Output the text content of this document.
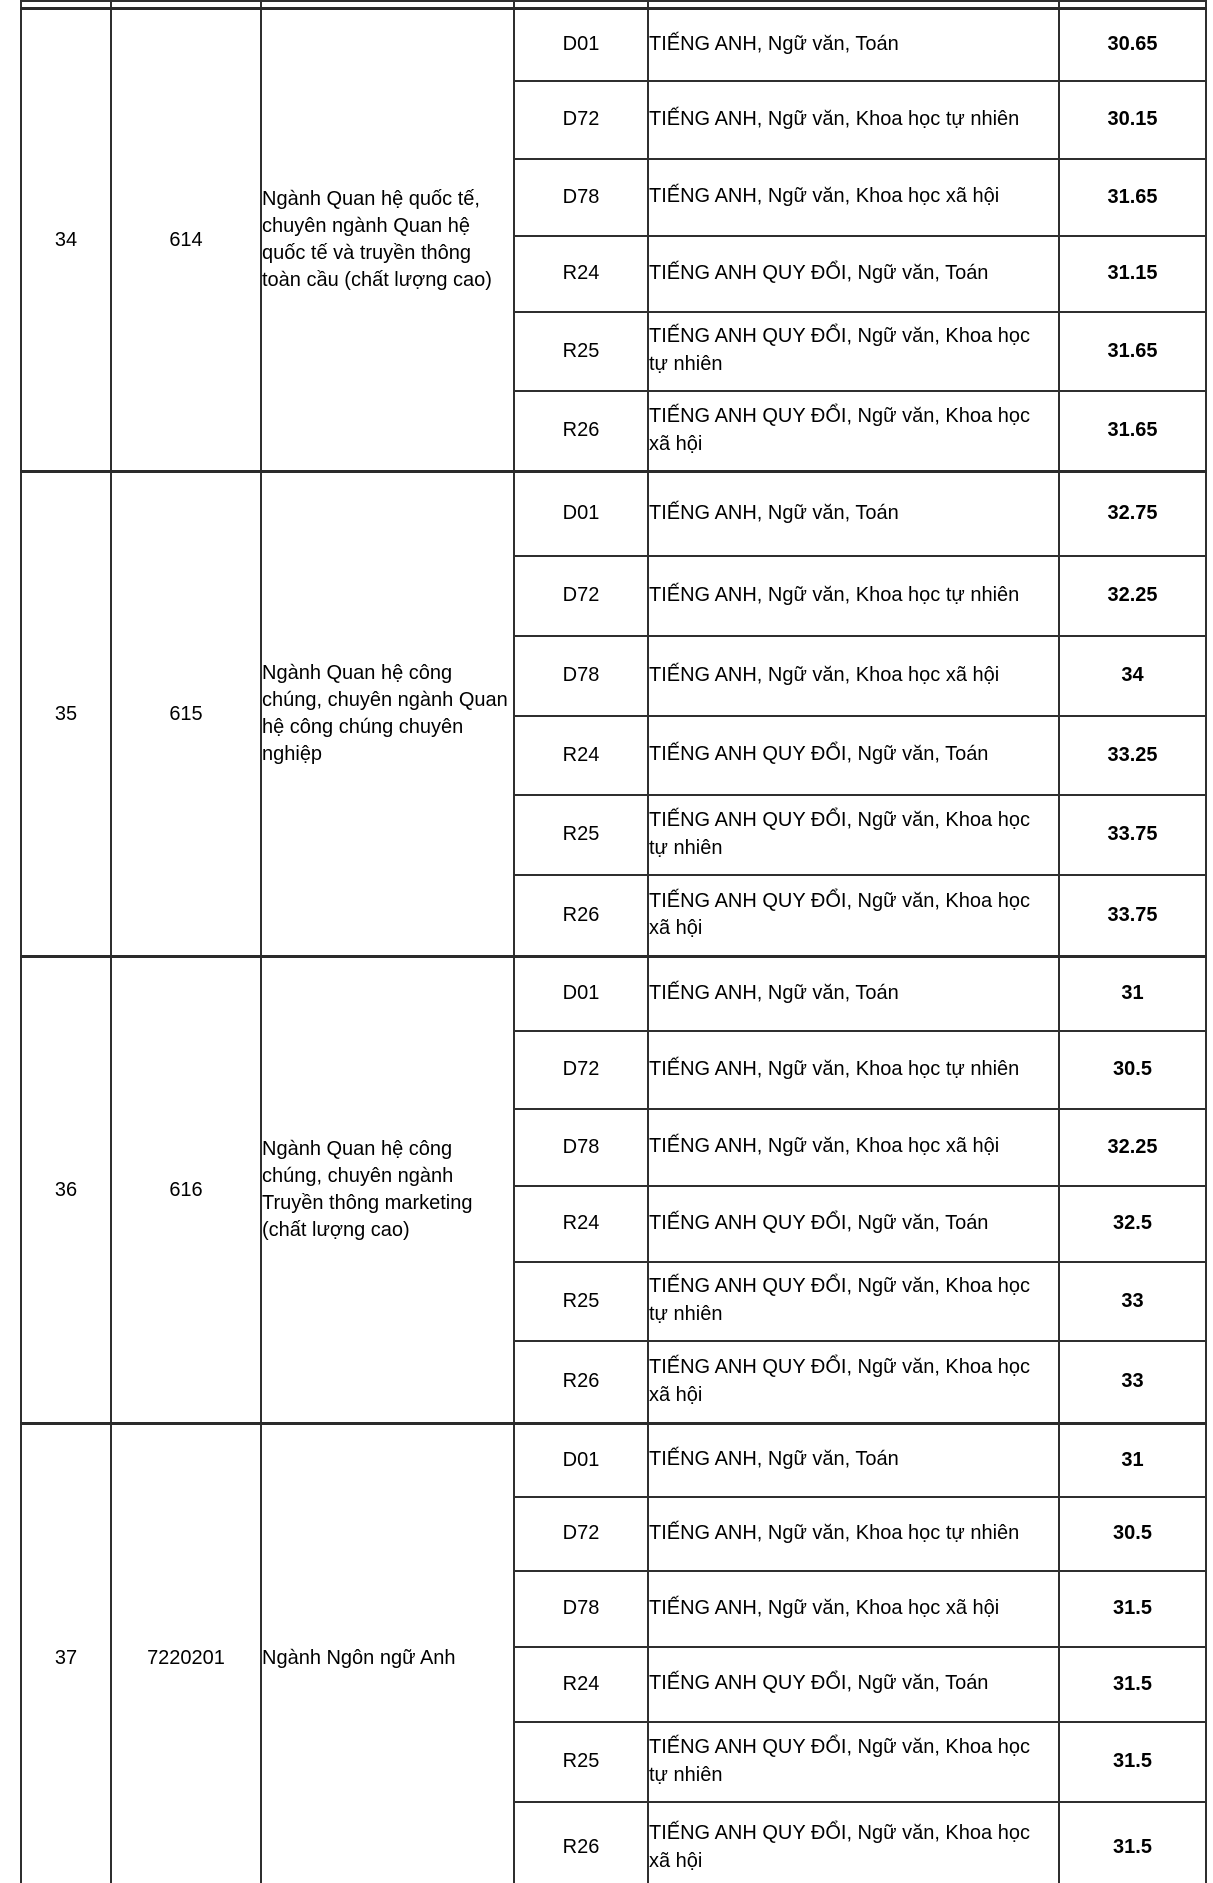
34	614	Ngành Quan hệ quốc tế, chuyên ngành Quan hệ quốc tế và truyền thông toàn cầu (chất lượng cao)	D01	TIẾNG ANH, Ngữ văn, Toán	30.65
			D72	TIẾNG ANH, Ngữ văn, Khoa học tự nhiên	30.15
			D78	TIẾNG ANH, Ngữ văn, Khoa học xã hội	31.65
			R24	TIẾNG ANH QUY ĐỔI, Ngữ văn, Toán	31.15
			R25	TIẾNG ANH QUY ĐỔI, Ngữ văn, Khoa học tự nhiên	31.65
			R26	TIẾNG ANH QUY ĐỔI, Ngữ văn, Khoa học xã hội	31.65
35	615	Ngành Quan hệ công chúng, chuyên ngành Quan hệ công chúng chuyên nghiệp	D01	TIẾNG ANH, Ngữ văn, Toán	32.75
			D72	TIẾNG ANH, Ngữ văn, Khoa học tự nhiên	32.25
			D78	TIẾNG ANH, Ngữ văn, Khoa học xã hội	34
			R24	TIẾNG ANH QUY ĐỔI, Ngữ văn, Toán	33.25
			R25	TIẾNG ANH QUY ĐỔI, Ngữ văn, Khoa học tự nhiên	33.75
			R26	TIẾNG ANH QUY ĐỔI, Ngữ văn, Khoa học xã hội	33.75
36	616	Ngành Quan hệ công chúng, chuyên ngành Truyền thông marketing (chất lượng cao)	D01	TIẾNG ANH, Ngữ văn, Toán	31
			D72	TIẾNG ANH, Ngữ văn, Khoa học tự nhiên	30.5
			D78	TIẾNG ANH, Ngữ văn, Khoa học xã hội	32.25
			R24	TIẾNG ANH QUY ĐỔI, Ngữ văn, Toán	32.5
			R25	TIẾNG ANH QUY ĐỔI, Ngữ văn, Khoa học tự nhiên	33
			R26	TIẾNG ANH QUY ĐỔI, Ngữ văn, Khoa học xã hội	33
37	7220201	Ngành Ngôn ngữ Anh	D01	TIẾNG ANH, Ngữ văn, Toán	31
			D72	TIẾNG ANH, Ngữ văn, Khoa học tự nhiên	30.5
			D78	TIẾNG ANH, Ngữ văn, Khoa học xã hội	31.5
			R24	TIẾNG ANH QUY ĐỔI, Ngữ văn, Toán	31.5
			R25	TIẾNG ANH QUY ĐỔI, Ngữ văn, Khoa học tự nhiên	31.5
			R26	TIẾNG ANH QUY ĐỔI, Ngữ văn, Khoa học xã hội	31.5
